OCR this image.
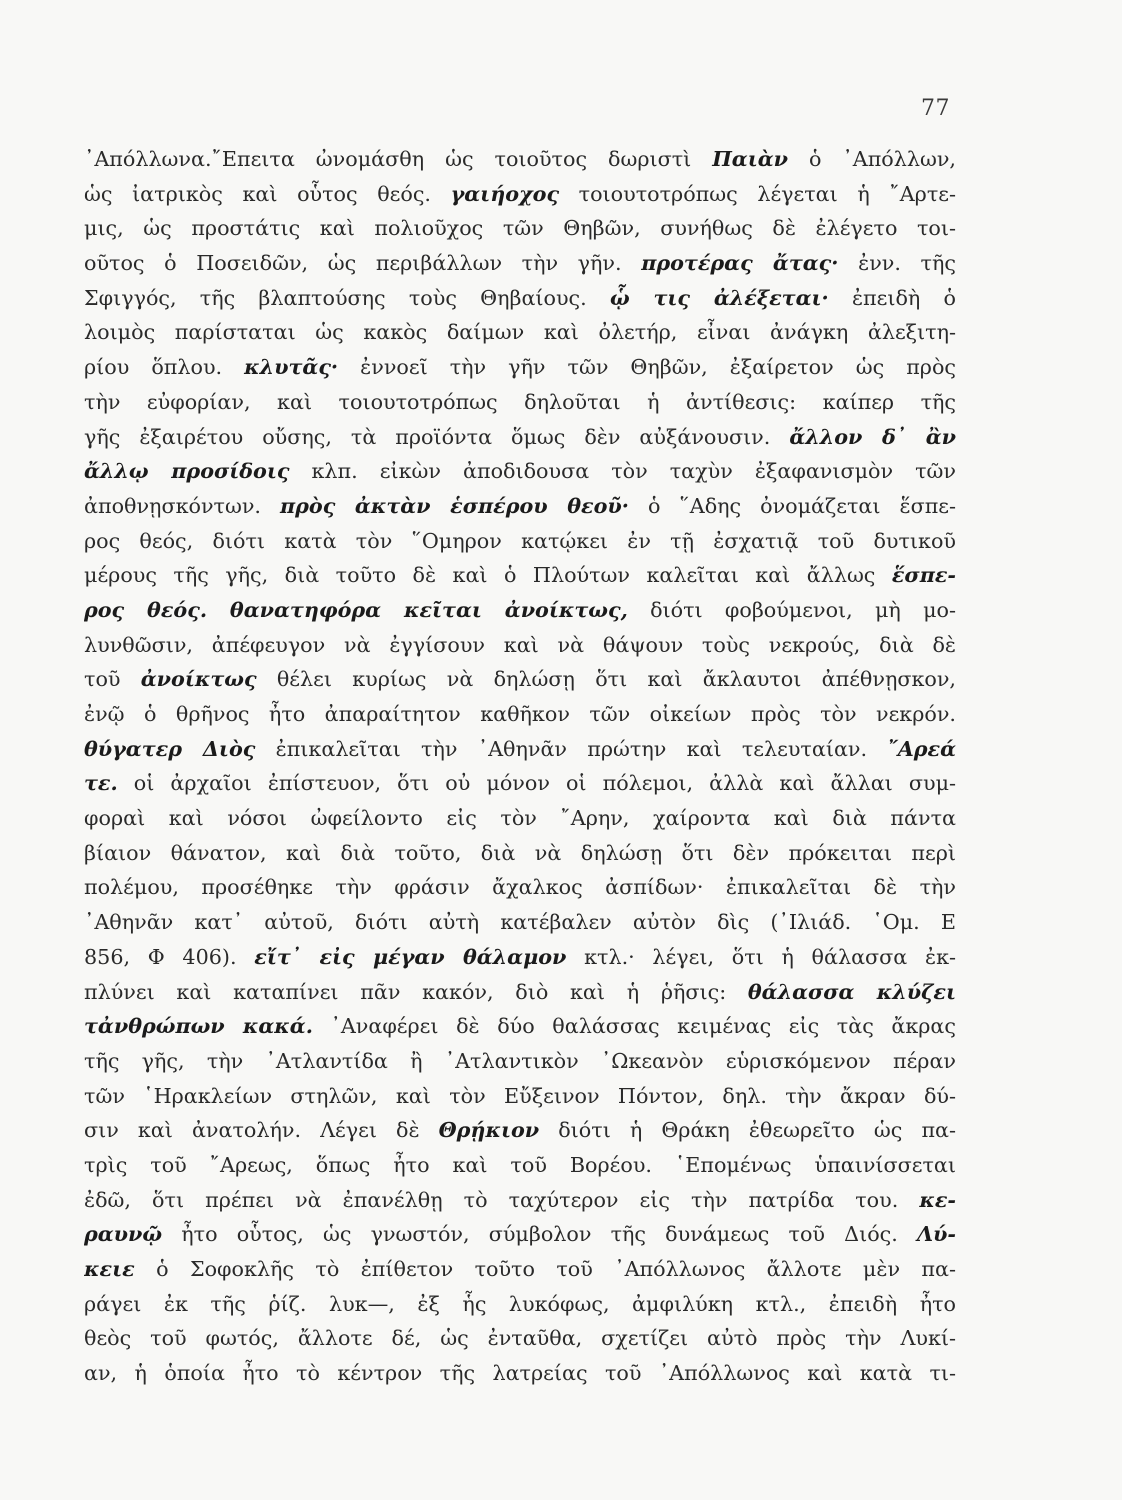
77
᾿Απόλλωνα.῎Επειτα ὠνομάσθη ὡς τοιοῦτος δωριστὶ Παιὰν ὁ ᾿Απόλλων,
ὡς ἰατρικὸς καὶ οὗτος θεός. γαιήοχος τοιουτοτρόπως λέγεται ἡ ῎Αρτε-
μις, ὡς προστάτις καὶ πολιοῦχος τῶν Θηβῶν, συνήθως δὲ ἐλέγετο τοι-
οῦτος ὁ Ποσειδῶν, ὡς περιβάλλων τὴν γῆν. προτέρας ἄτας· ἐνν. τῆς
Σφιγγός, τῆς βλαπτούσης τοὺς Θηβαίους. ᾧ τις ἀλέξεται· ἐπειδὴ ὁ
λοιμὸς παρίσταται ὡς κακὸς δαίμων καὶ ὀλετήρ, εἶναι ἀνάγκη ἀλεξιτη-
ρίου ὅπλου. κλυτᾶς· ἐννοεῖ τὴν γῆν τῶν Θηβῶν, ἐξαίρετον ὡς πρὸς
τὴν εὐφορίαν, καὶ τοιουτοτρόπως δηλοῦται ἡ ἀντίθεσις: καίπερ τῆς
γῆς ἐξαιρέτου οὔσης, τὰ προϊόντα ὅμως δὲν αὐξάνουσιν. ἄλλον δ᾿ ἂν
ἄλλῳ προσίδοις κλπ. εἰκὼν ἀποδιδουσα τὸν ταχὺν ἐξαφανισμὸν τῶν
ἀποθνῃσκόντων. πρὸς ἀκτὰν ἑσπέρου θεοῦ· ὁ ῞Αδης ὀνομάζεται ἕσπε-
ρος θεός, διότι κατὰ τὸν ῞Ομηρον κατῴκει ἐν τῇ ἐσχατιᾷ τοῦ δυτικοῦ
μέρους τῆς γῆς, διὰ τοῦτο δὲ καὶ ὁ Πλούτων καλεῖται καὶ ἄλλως ἕσπε-
ρος θεός. θανατηφόρα κεῖται ἀνοίκτως, διότι φοβούμενοι, μὴ μο-
λυνθῶσιν, ἀπέφευγον νὰ ἐγγίσουν καὶ νὰ θάψουν τοὺς νεκρούς, διὰ δὲ
τοῦ ἀνοίκτως θέλει κυρίως νὰ δηλώσῃ ὅτι καὶ ἄκλαυτοι ἀπέθνῃσκον,
ἐνῷ ὁ θρῆνος ἦτο ἀπαραίτητον καθῆκον τῶν οἰκείων πρὸς τὸν νεκρόν.
θύγατερ Διὸς ἐπικαλεῖται τὴν ᾿Αθηνᾶν πρώτην καὶ τελευταίαν. ῎Αρεά
τε. οἱ ἀρχαῖοι ἐπίστευον, ὅτι οὐ μόνον οἱ πόλεμοι, ἀλλὰ καὶ ἄλλαι συμ-
φοραὶ καὶ νόσοι ὠφείλοντο εἰς τὸν ῎Αρην, χαίροντα καὶ διὰ πάντα
βίαιον θάνατον, καὶ διὰ τοῦτο, διὰ νὰ δηλώσῃ ὅτι δὲν πρόκειται περὶ
πολέμου, προσέθηκε τὴν φράσιν ἄχαλκος ἀσπίδων· ἐπικαλεῖται δὲ τὴν
᾿Αθηνᾶν κατ᾿ αὐτοῦ, διότι αὐτὴ κατέβαλεν αὐτὸν δὶς (᾿Ιλιάδ. ῾Ομ. Ε
856, Φ 406). εἴτ᾿ εἰς μέγαν θάλαμον κτλ.· λέγει, ὅτι ἡ θάλασσα ἐκ-
πλύνει καὶ καταπίνει πᾶν κακόν, διὸ καὶ ἡ ῥῆσις: θάλασσα κλύζει
τἀνθρώπων κακά. ᾿Αναφέρει δὲ δύο θαλάσσας κειμένας εἰς τὰς ἄκρας
τῆς γῆς, τὴν ᾿Ατλαντίδα ἢ ᾿Ατλαντικὸν ᾿Ωκεανὸν εὑρισκόμενον πέραν
τῶν ῾Ηρακλείων στηλῶν, καὶ τὸν Εὔξεινον Πόντον, δηλ. τὴν ἄκραν δύ-
σιν καὶ ἀνατολήν. Λέγει δὲ Θρῄκιον διότι ἡ Θράκη ἐθεωρεῖτο ὡς πα-
τρὶς τοῦ ῎Αρεως, ὅπως ἦτο καὶ τοῦ Βορέου. ῾Επομένως ὑπαινίσσεται
ἐδῶ, ὅτι πρέπει νὰ ἐπανέλθῃ τὸ ταχύτερον εἰς τὴν πατρίδα του. κε-
ραυνῷ ἦτο οὗτος, ὡς γνωστόν, σύμβολον τῆς δυνάμεως τοῦ Διός. Λύ-
κειε ὁ Σοφοκλῆς τὸ ἐπίθετον τοῦτο τοῦ ᾿Απόλλωνος ἄλλοτε μὲν πα-
ράγει ἐκ τῆς ῥίζ. λυκ—, ἐξ ἧς λυκόφως, ἀμφιλύκη κτλ., ἐπειδὴ ἦτο
θεὸς τοῦ φωτός, ἄλλοτε δέ, ὡς ἐνταῦθα, σχετίζει αὐτὸ πρὸς τὴν Λυκί-
αν, ἡ ὁποία ἦτο τὸ κέντρον τῆς λατρείας τοῦ ᾿Απόλλωνος καὶ κατὰ τι-
